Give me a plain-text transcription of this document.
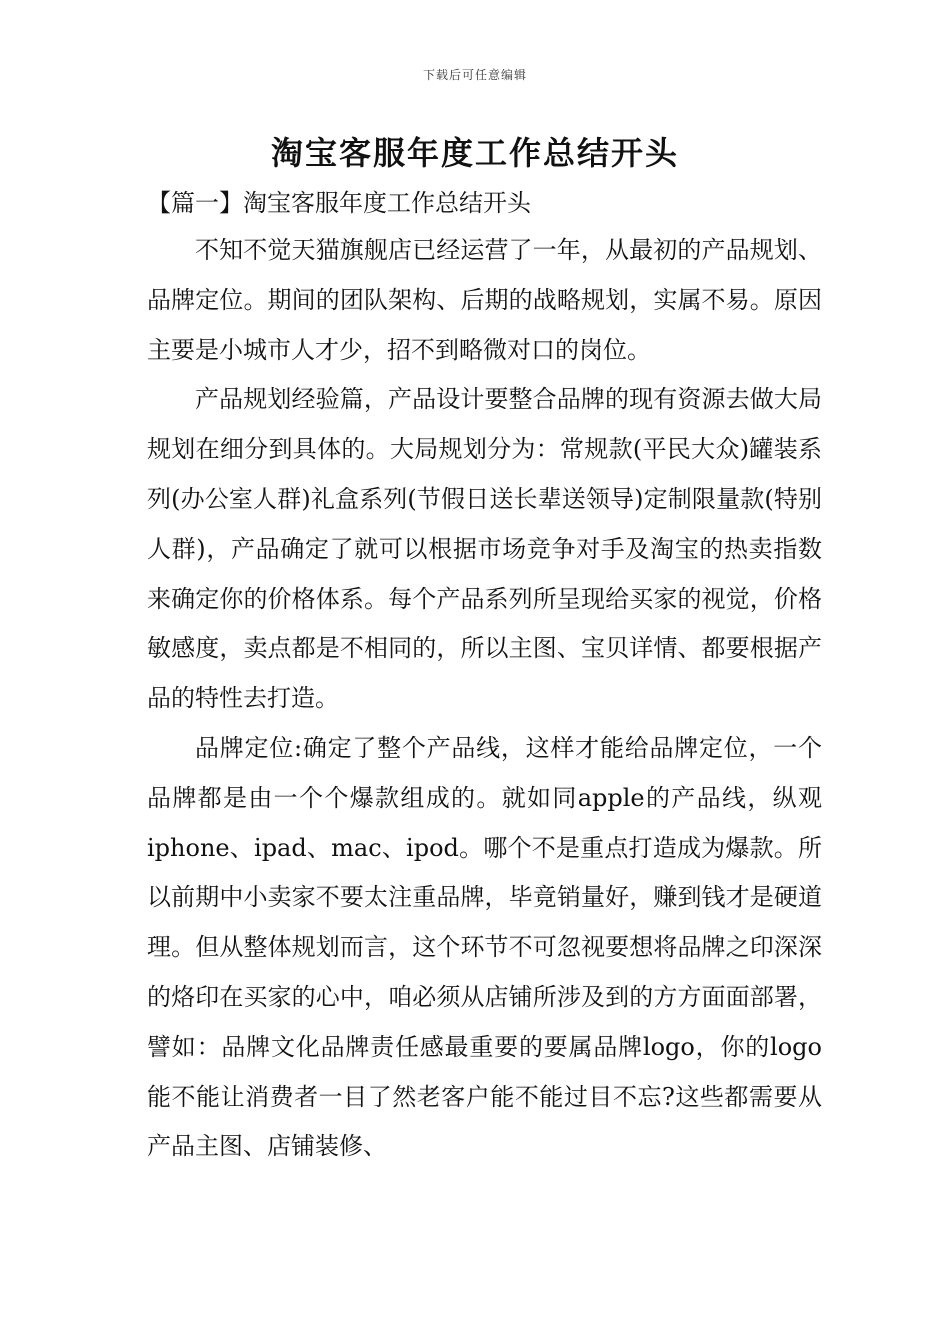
下载后可任意编辑
淘宝客服年度工作总结开头
【篇一】淘宝客服年度工作总结开头

不知不觉天猫旗舰店已经运营了一年，从最初的产品规划、品牌定位。期间的团队架构、后期的战略规划，实属不易。原因主要是小城市人才少，招不到略微对口的岗位。

产品规划经验篇，产品设计要整合品牌的现有资源去做大局规划在细分到具体的。大局规划分为：常规款(平民大众)罐装系列(办公室人群)礼盒系列(节假日送长辈送领导)定制限量款(特别人群)，产品确定了就可以根据市场竞争对手及淘宝的热卖指数来确定你的价格体系。每个产品系列所呈现给买家的视觉，价格敏感度，卖点都是不相同的，所以主图、宝贝详情、都要根据产品的特性去打造。

品牌定位:确定了整个产品线，这样才能给品牌定位，一个品牌都是由一个个爆款组成的。就如同apple的产品线，纵观iphone、ipad、mac、ipod。哪个不是重点打造成为爆款。所以前期中小卖家不要太注重品牌，毕竟销量好，赚到钱才是硬道理。但从整体规划而言，这个环节不可忽视要想将品牌之印深深的烙印在买家的心中，咱必须从店铺所涉及到的方方面面部署，譬如：品牌文化品牌责任感最重要的要属品牌logo，你的logo能不能让消费者一目了然老客户能不能过目不忘?这些都需要从产品主图、店铺装修、
